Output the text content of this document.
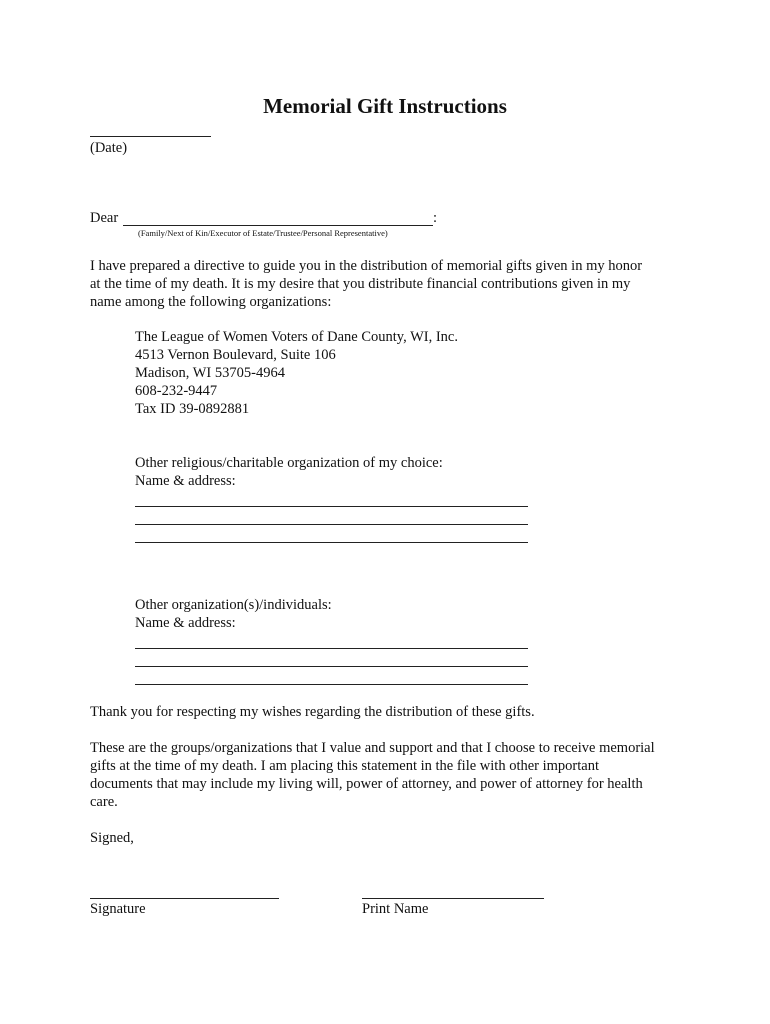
Memorial Gift Instructions
(Date)
Dear	:
(Family/Next of Kin/Executor of Estate/Trustee/Personal Representative)
I have prepared a directive to guide you in the distribution of memorial gifts given in my honor
at the time of my death. It is my desire that you distribute financial contributions given in my
name among the following organizations:
The League of Women Voters of Dane County, WI, Inc.
4513 Vernon Boulevard, Suite 106
Madison, WI 53705-4964
608-232-9447
Tax ID 39-0892881
Other religious/charitable organization of my choice:
Name & address:
Other organization(s)/individuals:
Name & address:
Thank you for respecting my wishes regarding the distribution of these gifts.
These are the groups/organizations that I value and support and that I choose to receive memorial
gifts at the time of my death. I am placing this statement in the file with other important
documents that may include my living will, power of attorney, and power of attorney for health
care.
Signed,
Signature	Print Name
